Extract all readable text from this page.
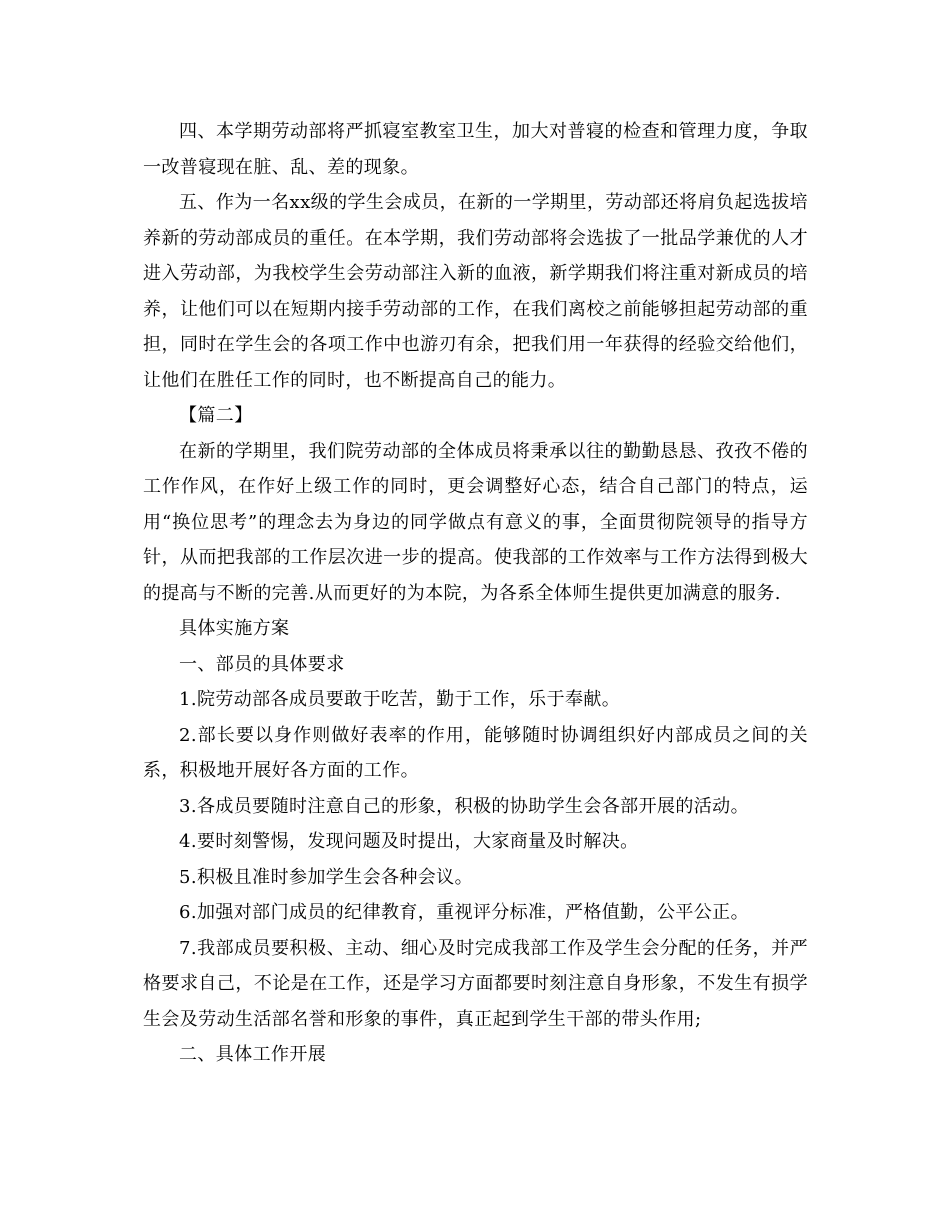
四、本学期劳动部将严抓寝室教室卫生，加大对普寝的检查和管理力度，争取一改普寝现在脏、乱、差的现象。

五、作为一名xx级的学生会成员，在新的一学期里，劳动部还将肩负起选拔培养新的劳动部成员的重任。在本学期，我们劳动部将会选拔了一批品学兼优的人才进入劳动部，为我校学生会劳动部注入新的血液，新学期我们将注重对新成员的培养，让他们可以在短期内接手劳动部的工作，在我们离校之前能够担起劳动部的重担，同时在学生会的各项工作中也游刃有余，把我们用一年获得的经验交给他们，让他们在胜任工作的同时，也不断提高自己的能力。

【篇二】

在新的学期里，我们院劳动部的全体成员将秉承以往的勤勤恳恳、孜孜不倦的工作作风，在作好上级工作的同时，更会调整好心态，结合自己部门的特点，运用“换位思考”的理念去为身边的同学做点有意义的事，全面贯彻院领导的指导方针，从而把我部的工作层次进一步的提高。使我部的工作效率与工作方法得到极大的提高与不断的完善.从而更好的为本院，为各系全体师生提供更加满意的服务.

具体实施方案

一、部员的具体要求

1.院劳动部各成员要敢于吃苦，勤于工作，乐于奉献。

2.部长要以身作则做好表率的作用，能够随时协调组织好内部成员之间的关系，积极地开展好各方面的工作。

3.各成员要随时注意自己的形象，积极的协助学生会各部开展的活动。

4.要时刻警惕，发现问题及时提出，大家商量及时解决。

5.积极且准时参加学生会各种会议。

6.加强对部门成员的纪律教育，重视评分标准，严格值勤，公平公正。

7.我部成员要积极、主动、细心及时完成我部工作及学生会分配的任务，并严格要求自己，不论是在工作，还是学习方面都要时刻注意自身形象，不发生有损学生会及劳动生活部名誉和形象的事件，真正起到学生干部的带头作用;

二、具体工作开展
